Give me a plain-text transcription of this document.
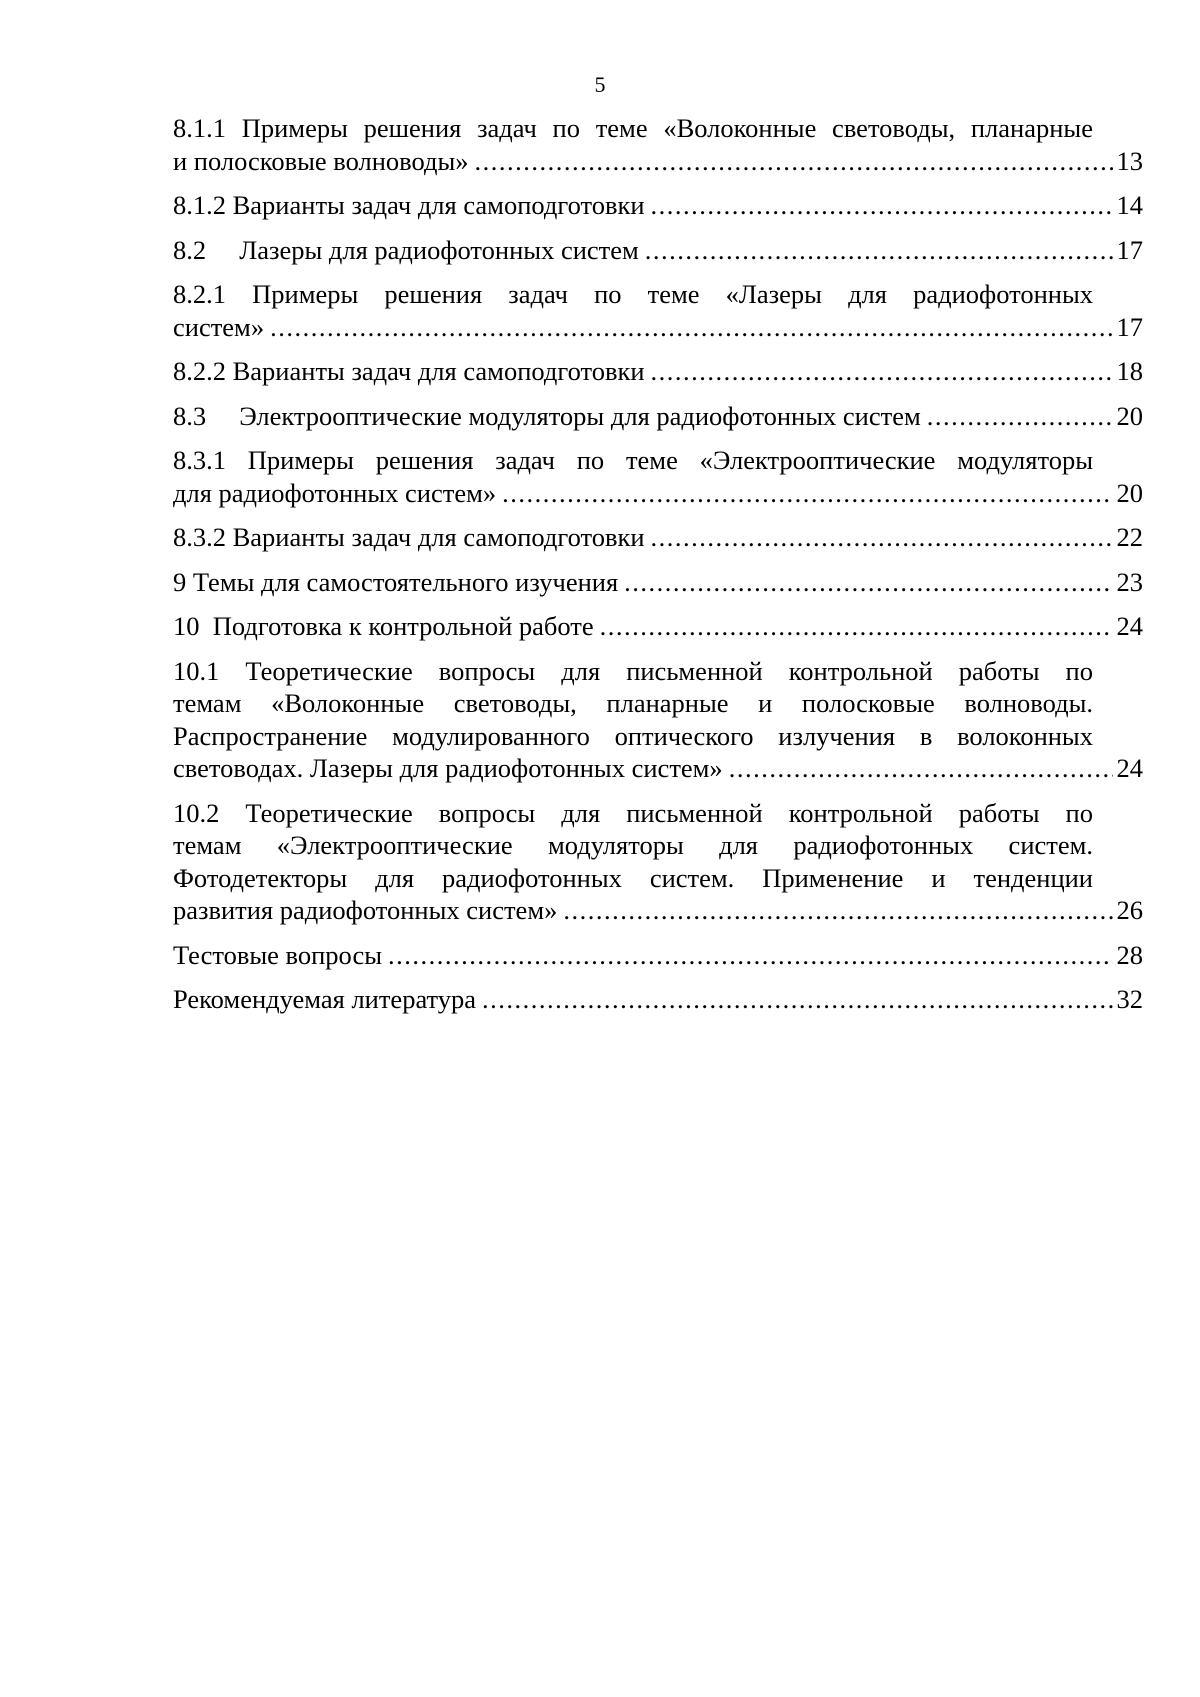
5
8.1.1 Примеры решения задач по теме «Волоконные световоды, планарные
и полосковые волноводы» .....	13
8.1.2 Варианты задач для самоподготовки .....	14
8.2     Лазеры для радиофотонных систем .....	17
8.2.1 Примеры решения задач по теме «Лазеры для радиофотонных
систем» .....	17
8.2.2 Варианты задач для самоподготовки .....	18
8.3     Электрооптические модуляторы для радиофотонных систем .....	20
8.3.1 Примеры решения задач по теме «Электрооптические модуляторы
для радиофотонных систем» .....	20
8.3.2 Варианты задач для самоподготовки .....	22
9 Темы для самостоятельного изучения .....	23
10  Подготовка к контрольной работе .....	24
10.1 Теоретические вопросы для письменной контрольной работы по
темам «Волоконные световоды, планарные и полосковые волноводы.
Распространение модулированного оптического излучения в волоконных
световодах. Лазеры для радиофотонных систем» .....	24
10.2 Теоретические вопросы для письменной контрольной работы по
темам «Электрооптические модуляторы для радиофотонных систем.
Фотодетекторы для радиофотонных систем. Применение и тенденции
развития радиофотонных систем» .....	26
Тестовые вопросы .....	28
Рекомендуемая литература .....	32
